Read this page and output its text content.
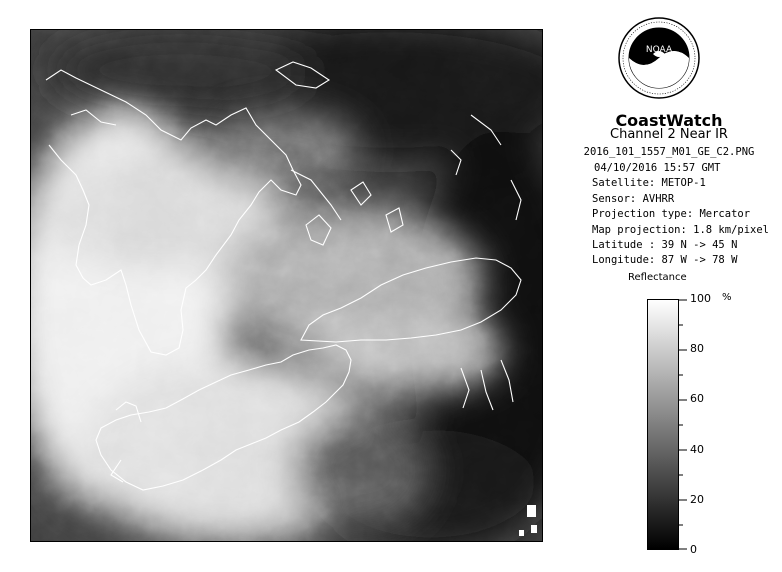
NOAA
CoastWatch
Channel 2 Near IR
2016_101_1557_M01_GE_C2.PNG
04/10/2016 15:57 GMT
Satellite: METOP-1
Sensor: AVHRR
Projection type: Mercator
Map projection: 1.8 km/pixel
Latitude : 39 N -> 45 N
Longitude: 87 W -> 78 W
Reflectance
%
100
80
60
40
20
0
